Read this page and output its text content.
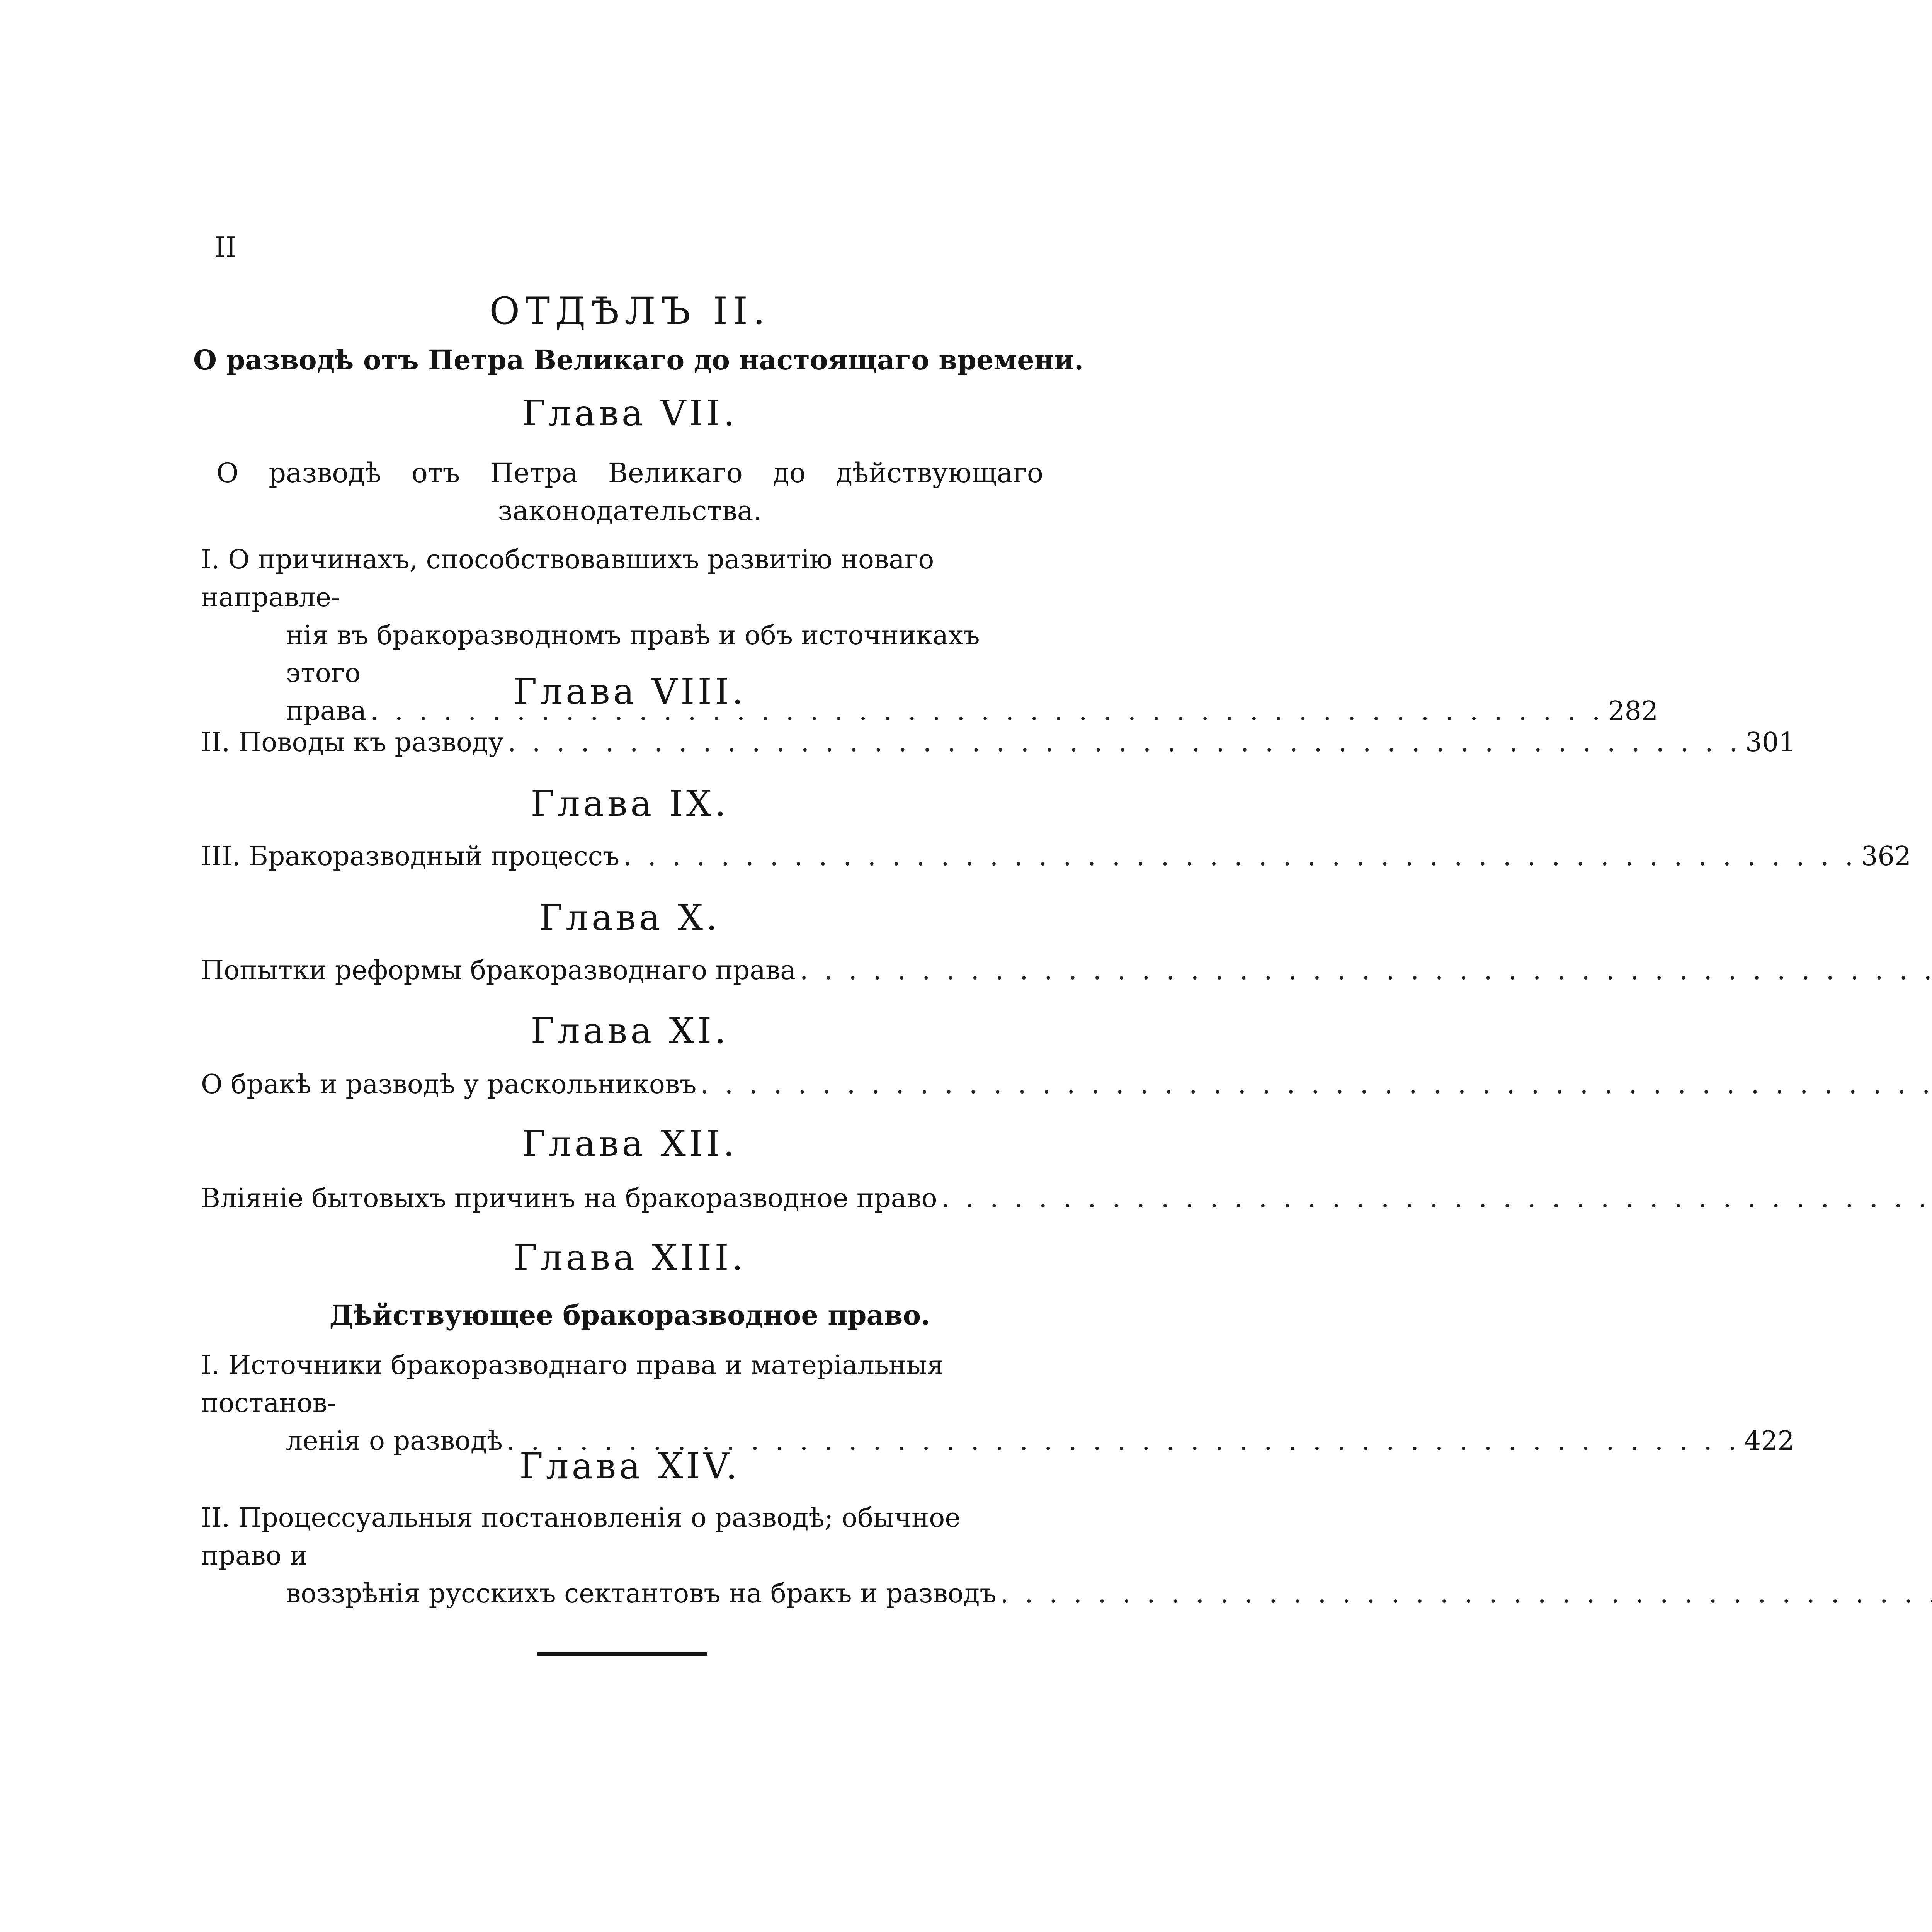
II
ОТДѢЛЪ II.
О разводѣ отъ Петра Великаго до настоящаго времени.
Глава VII.
О разводѣ отъ Петра Великаго до дѣйствующаго законодательства.
I. О причинахъ, способствовавшихъ развитію новаго направле-
нія въ бракоразводномъ правѣ и объ источникахъ этого
права . . .	282
Глава VIII.
II. Поводы къ разводу . . .	301
Глава IX.
III. Бракоразводный процессъ . . .	362
Глава X.
Попытки реформы бракоразводнаго права. . .
Глава XI.
О бракѣ и разводѣ у раскольниковъ. . .
Глава XII.
Вліяніе бытовыхъ причинъ на бракоразводное право. . .
Глава XIII.
Дѣйствующее бракоразводное право.
I. Источники бракоразводнаго права и матеріальныя постанов-
ленія о разводѣ . . .	422
Глава XIV.
II. Процессуальныя постановленія о разводѣ; обычное право и
воззрѣнія русскихъ сектантовъ на бракъ и разводъ. . .
